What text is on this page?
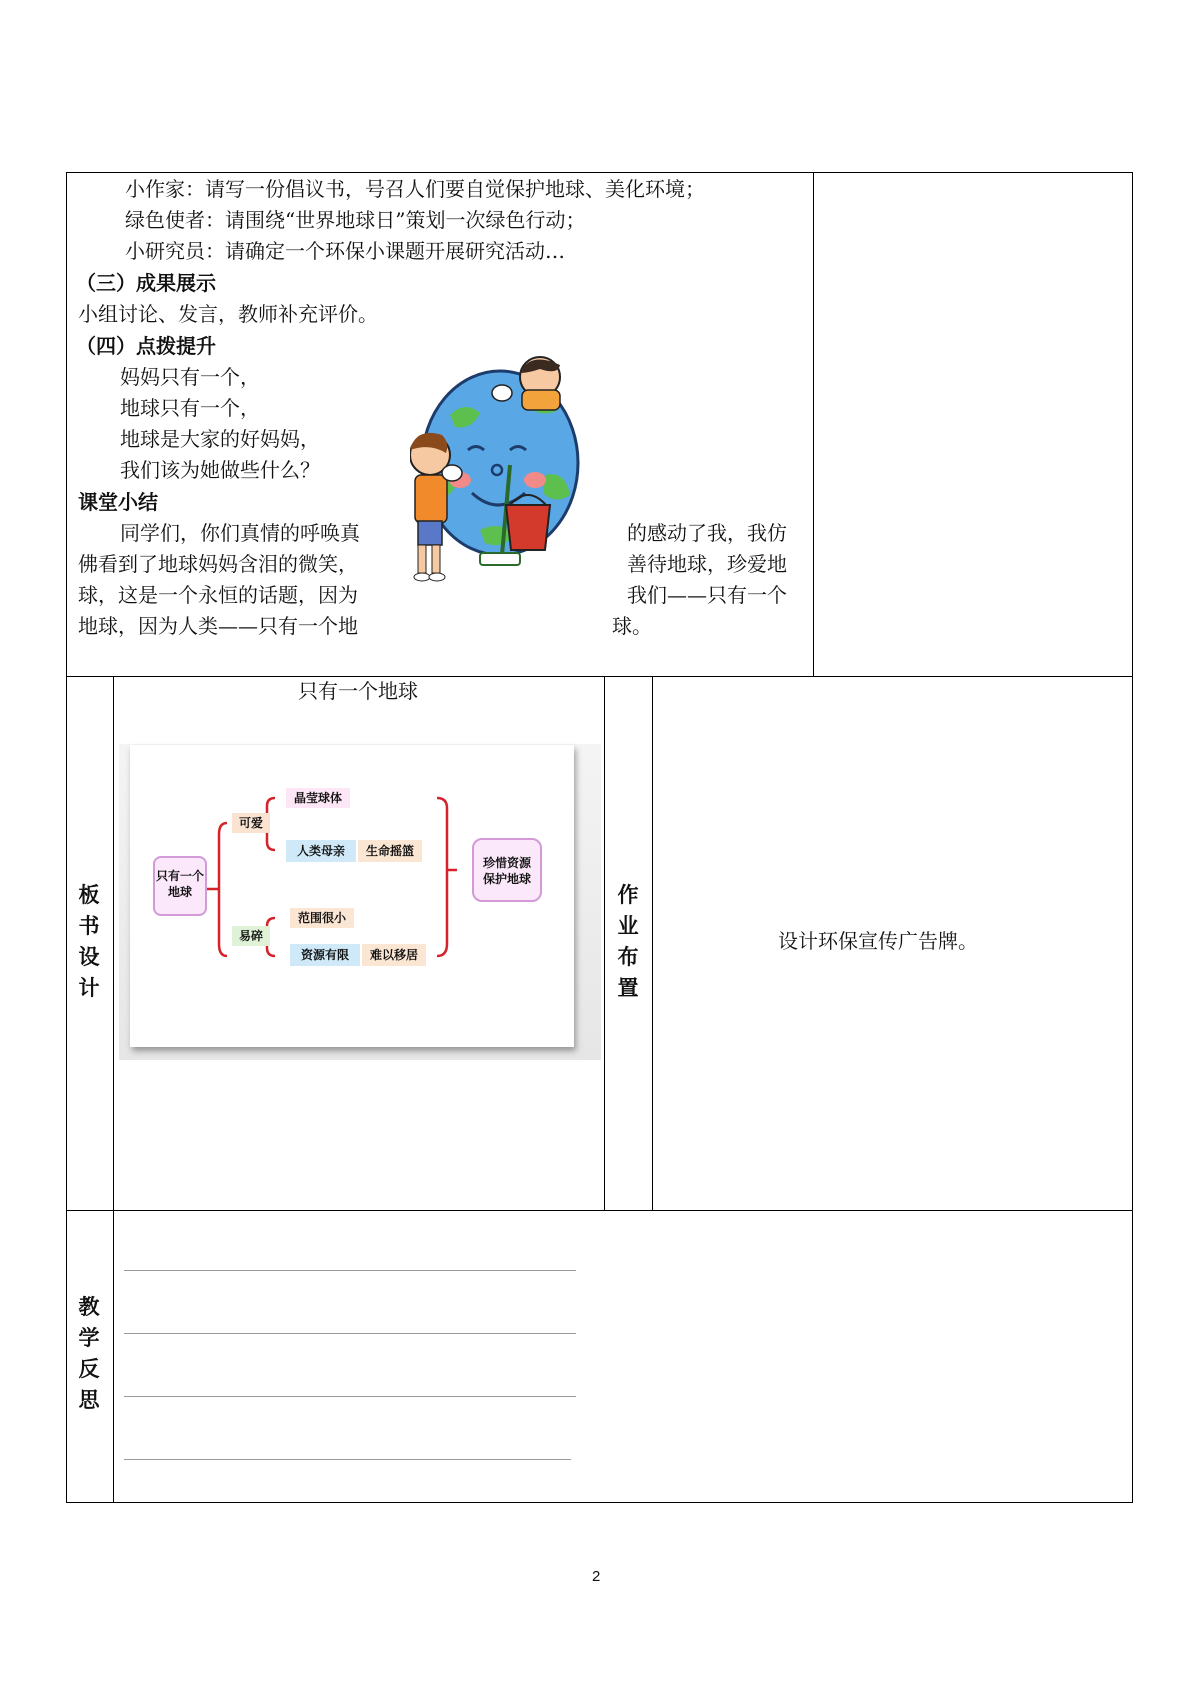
小作家：请写一份倡议书，号召人们要自觉保护地球、美化环境；
绿色使者：请围绕“世界地球日”策划一次绿色行动；
小研究员：请确定一个环保小课题开展研究活动…
（三）成果展示
小组讨论、发言，教师补充评价。
（四）点拨提升
妈妈只有一个，
地球只有一个，
地球是大家的好妈妈，
我们该为她做些什么？
课堂小结
同学们，你们真情的呼唤真
佛看到了地球妈妈含泪的微笑，
球，这是一个永恒的话题，因为
地球，因为人类——只有一个地
的感动了我，我仿
善待地球，珍爱地
我们——只有一个
球。
板
书
设
计
只有一个地球
只有一个地球
可爱
晶莹球体
人类母亲	生命摇篮
易碎
范围很小
资源有限	难以移居
珍惜资源保护地球
作
业
布
置
设计环保宣传广告牌。
教
学
反
思
2
